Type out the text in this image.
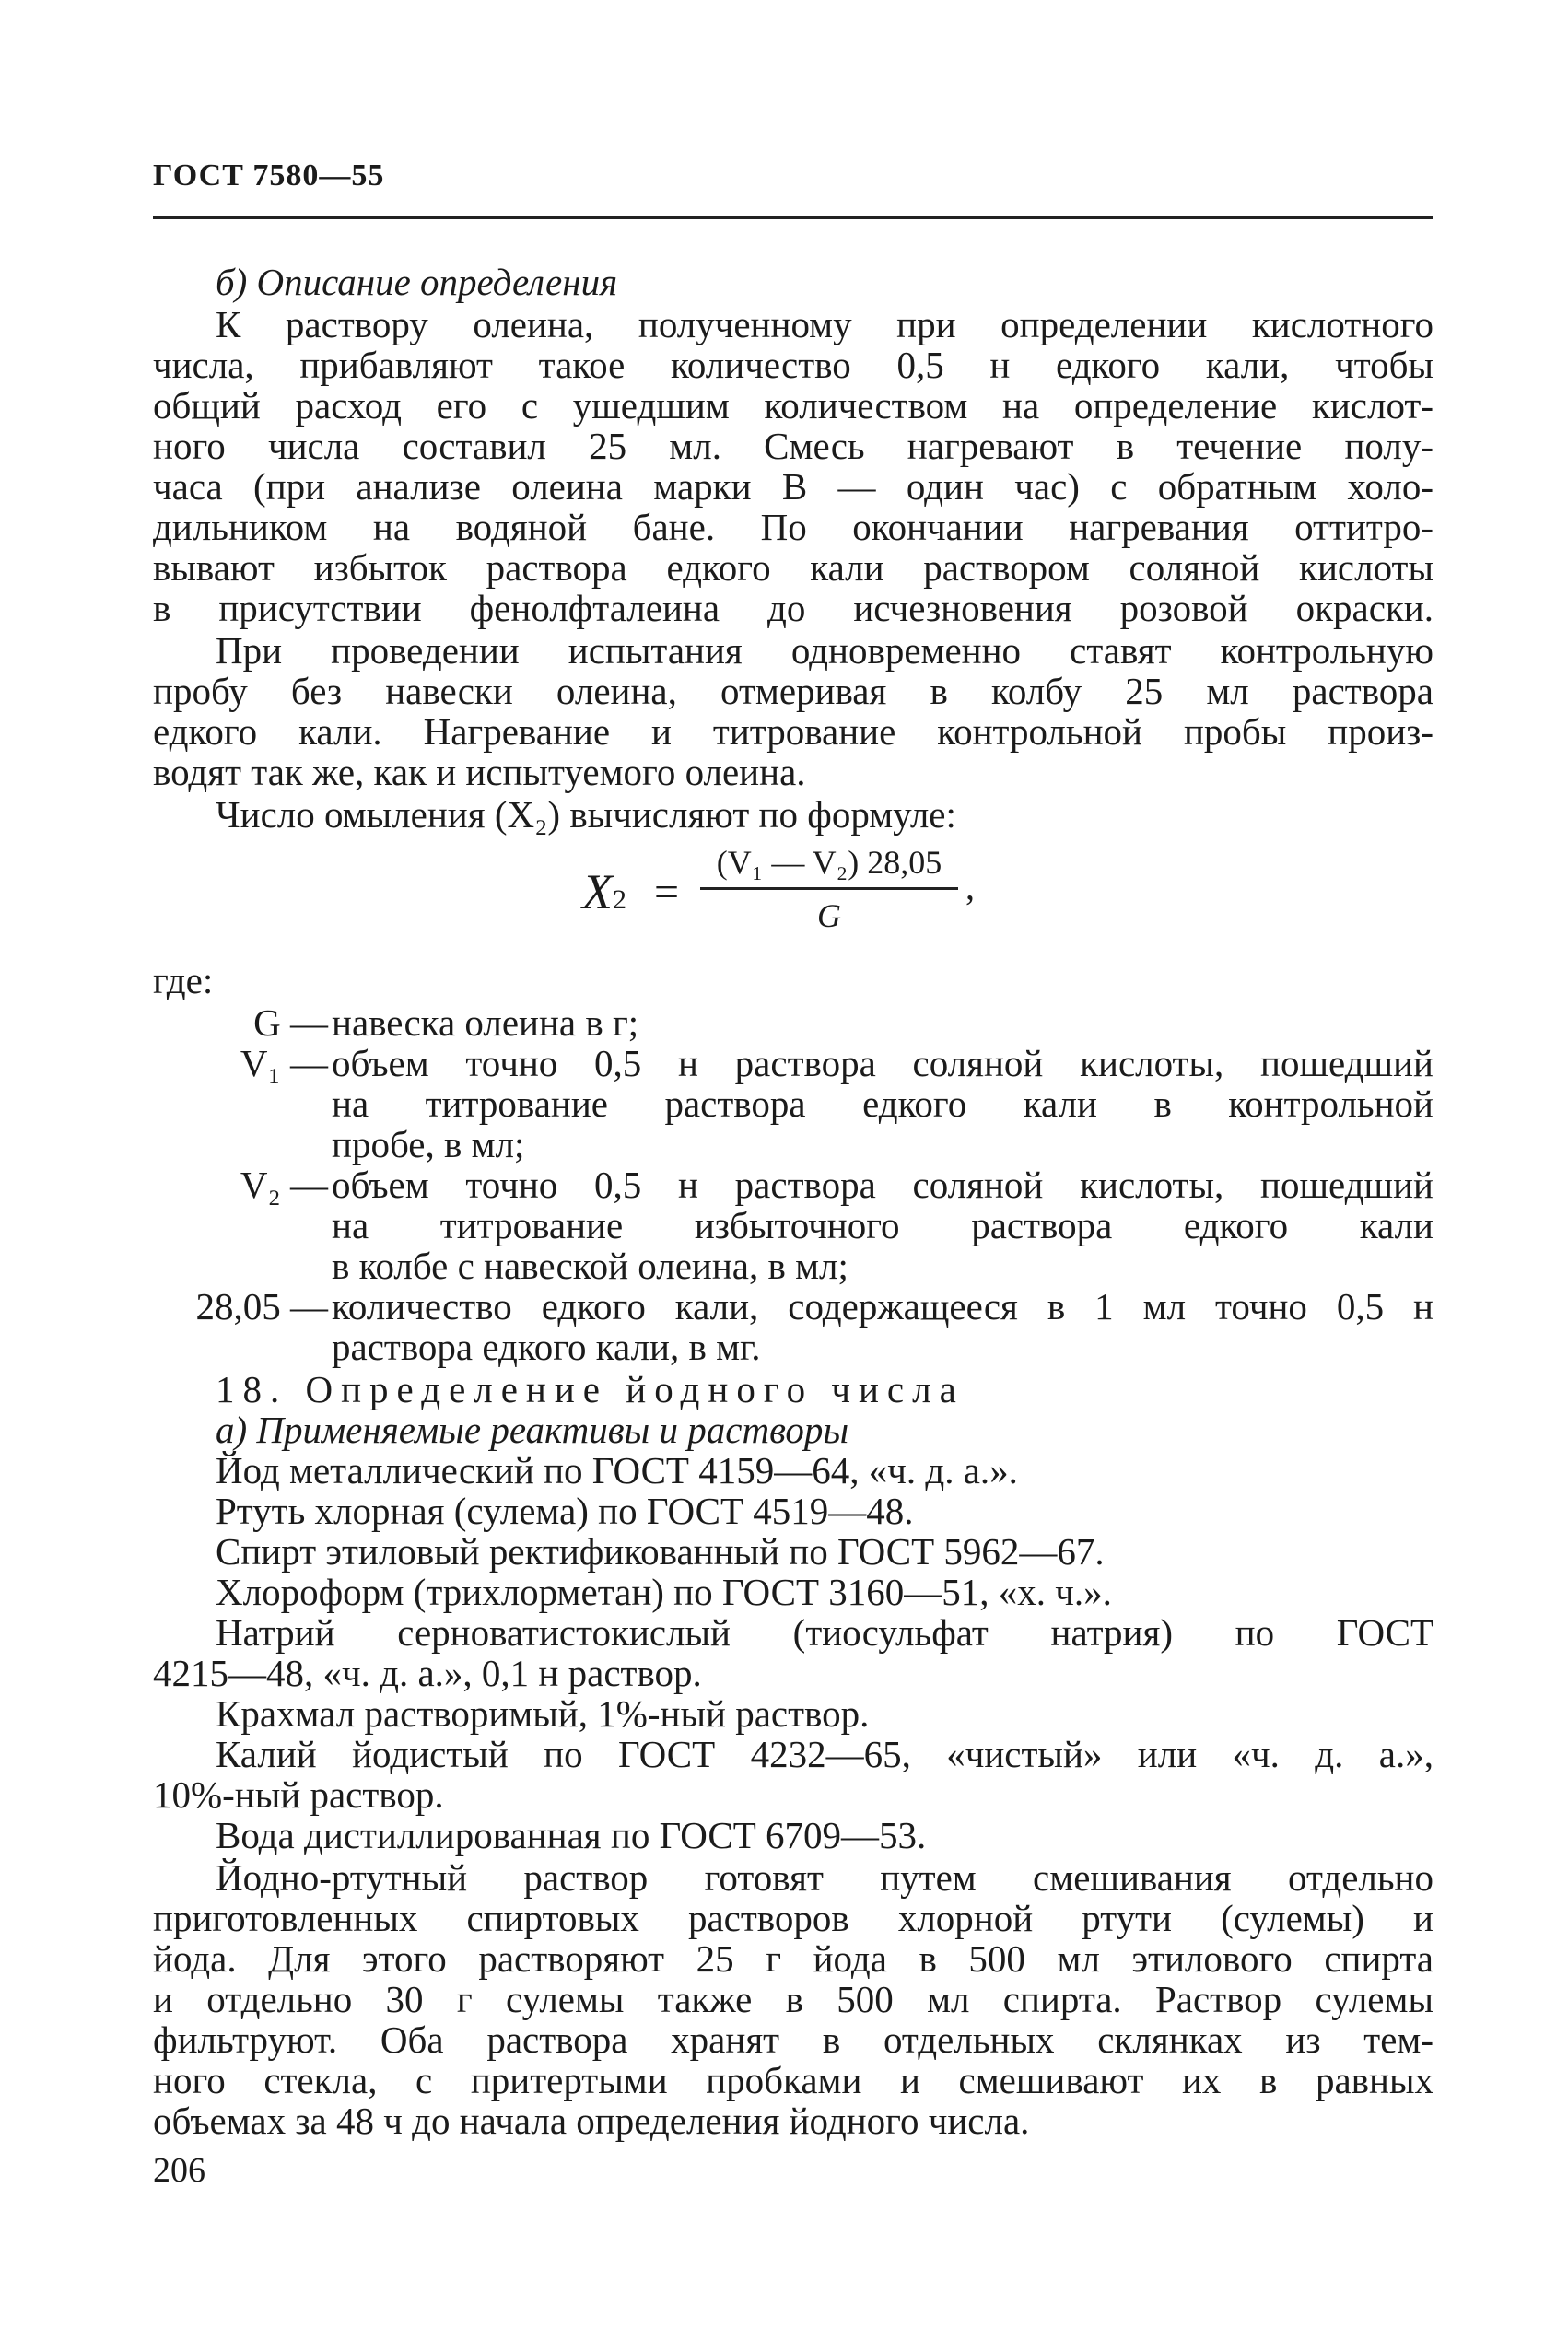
ГОСТ 7580—55
б) Описание определения
К раствору олеина, полученному при определении кислотного
числа, прибавляют такое количество 0,5 н едкого кали, чтобы
общий расход его с ушедшим количеством на определение кислот-
ного числа составил 25 мл. Смесь нагревают в течение полу-
часа (при анализе олеина марки В — один час) с обратным холо-
дильником на водяной бане. По окончании нагревания оттитро-
вывают избыток раствора едкого кали раствором соляной кислоты
в присутствии фенолфталеина до исчезновения розовой окраски.
При проведении испытания одновременно ставят контрольную
пробу без навески олеина, отмеривая в колбу 25 мл раствора
едкого кали. Нагревание и титрование контрольной пробы произ-
водят так же, как и испытуемого олеина.
Число омыления (X₂) вычисляют по формуле:
X2 =
(V₁ — V₂) 28,05
G
,
где:
G — навеска олеина в г;
V₁ — объем точно 0,5 н раствора соляной кислоты, пошедший
на титрование раствора едкого кали в контрольной
пробе, в мл;
V₂ — объем точно 0,5 н раствора соляной кислоты, пошедший
на титрование избыточного раствора едкого кали
в колбе с навеской олеина, в мл;
28,05 — количество едкого кали, содержащееся в 1 мл точно 0,5 н
раствора едкого кали, в мг.
18. Определение йодного числа
а) Применяемые реактивы и растворы
Йод металлический по ГОСТ 4159—64, «ч. д. а.».
Ртуть хлорная (сулема) по ГОСТ 4519—48.
Спирт этиловый ректификованный по ГОСТ 5962—67.
Хлороформ (трихлорметан) по ГОСТ 3160—51, «х. ч.».
Натрий серноватистокислый (тиосульфат натрия) по ГОСТ
4215—48, «ч. д. а.», 0,1 н раствор.
Крахмал растворимый, 1%-ный раствор.
Калий йодистый по ГОСТ 4232—65, «чистый» или «ч. д. а.»,
10%-ный раствор.
Вода дистиллированная по ГОСТ 6709—53.
Йодно-ртутный раствор готовят путем смешивания отдельно
приготовленных спиртовых растворов хлорной ртути (сулемы) и
йода. Для этого растворяют 25 г йода в 500 мл этилового спирта
и отдельно 30 г сулемы также в 500 мл спирта. Раствор сулемы
фильтруют. Оба раствора хранят в отдельных склянках из тем-
ного стекла, с притертыми пробками и смешивают их в равных
объемах за 48 ч до начала определения йодного числа.
206
